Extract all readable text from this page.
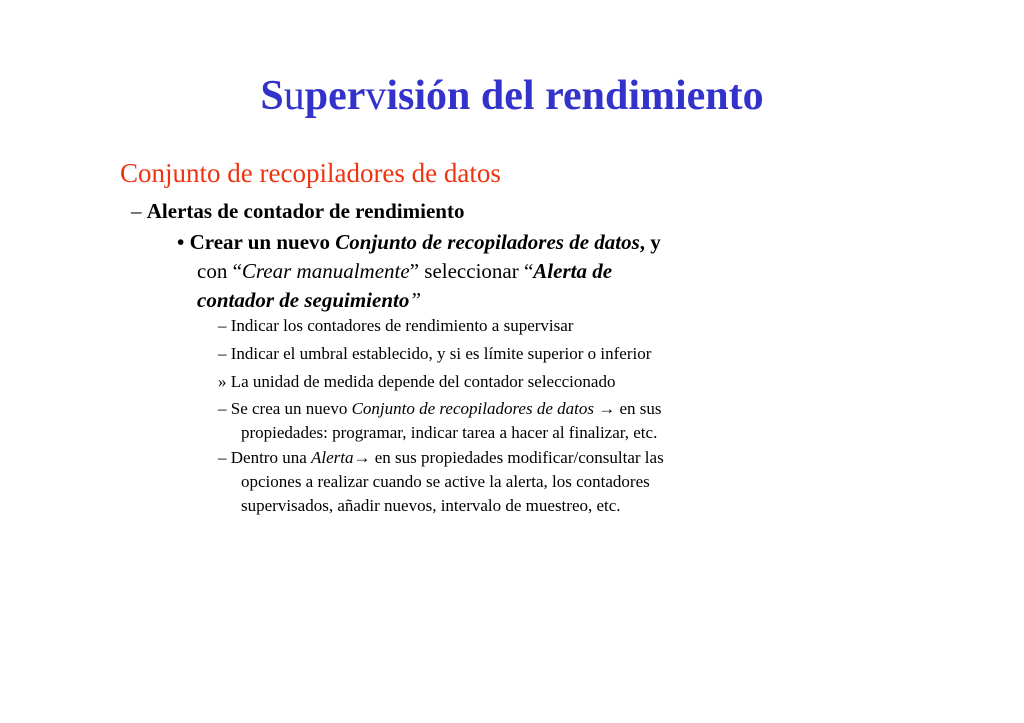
Supervisión del rendimiento
Conjunto de recopiladores de datos
– Alertas de contador de rendimiento
• Crear un nuevo Conjunto de recopiladores de datos, y
con “Crear manualmente” seleccionar “Alerta de
contador de seguimiento”
– Indicar los contadores de rendimiento a supervisar
– Indicar el umbral establecido, y si es límite superior o inferior
» La unidad de medida depende del contador seleccionado
– Se crea un nuevo Conjunto de recopiladores de datos → en sus
propiedades: programar, indicar tarea a hacer al finalizar, etc.
– Dentro una Alerta→ en sus propiedades modificar/consultar las
opciones a realizar cuando se active la alerta, los contadores
supervisados, añadir nuevos, intervalo de muestreo, etc.
